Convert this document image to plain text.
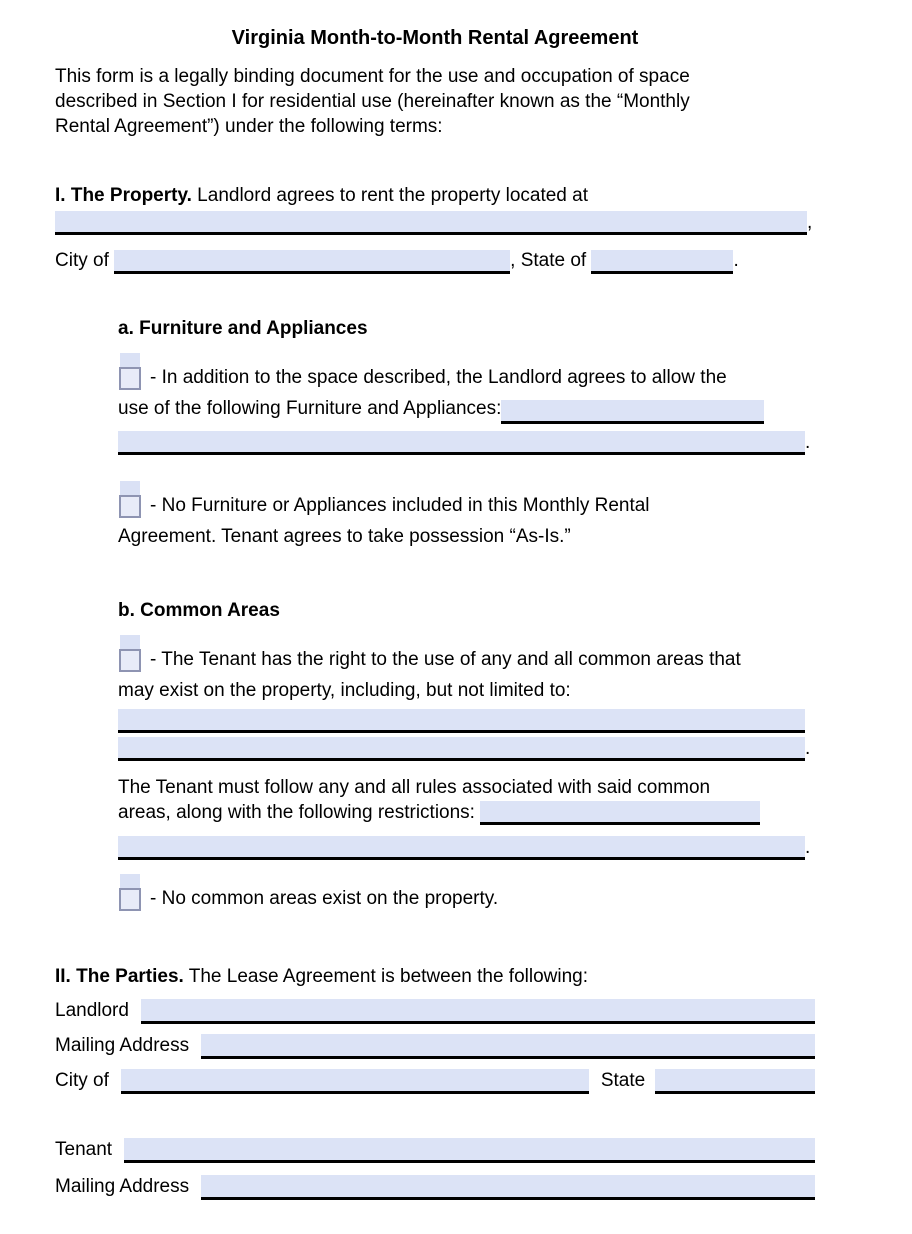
Virginia Month-to-Month Rental Agreement

This form is a legally binding document for the use and occupation of space
described in Section I for residential use (hereinafter known as the “Monthly
Rental Agreement”) under the following terms:

I. The Property. Landlord agrees to rent the property located at
,
City of	, State of	.
a. Furniture and Appliances

- In addition to the space described, the Landlord agrees to allow the
use of the following Furniture and Appliances:

.

- No Furniture or Appliances included in this Monthly Rental
Agreement. Tenant agrees to take possession “As-Is.”

b. Common Areas

- The Tenant has the right to the use of any and all common areas that
may exist on the property, including, but not limited to:

.

The Tenant must follow any and all rules associated with said common
areas, along with the following restrictions:

.

- No common areas exist on the property.

II. The Parties. The Lease Agreement is between the following:
Landlord
Mailing Address
City of	State
Tenant
Mailing Address
